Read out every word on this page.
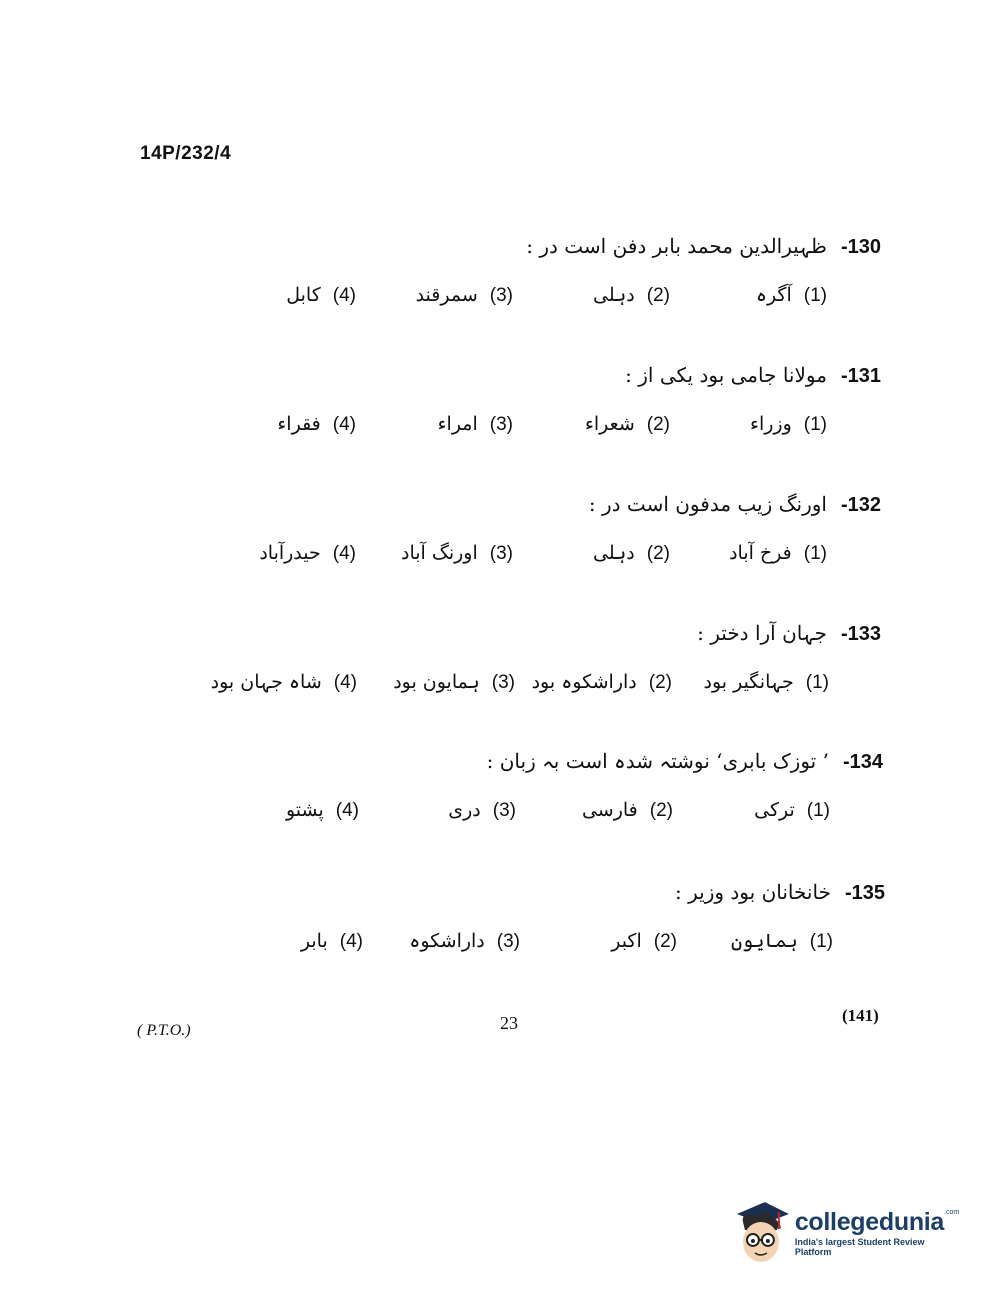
14P/232/4
-130
ظہیرالدین محمد بابر دفن است در :
(1)
آگرہ
(2)
دہلی
(3)
سمرقند
(4)
کابل
-131
مولانا جامی بود یکی از :
(1)
وزراء
(2)
شعراء
(3)
امراء
(4)
فقراء
-132
اورنگ زیب مدفون است در :
(1)
فرخ آباد
(2)
دہلی
(3)
اورنگ آباد
(4)
حیدرآباد
-133
جہان آرا دختر :
(1)
جہانگیر بود
(2)
داراشکوہ بود
(3)
ہمایون بود
(4)
شاہ جہان بود
-134
’ توزک بابری‘ نوشتہ شدہ است بہ زبان :
(1)
ترکی
(2)
فارسی
(3)
دری
(4)
پشتو
-135
خانخانان بود وزیر :
(1)
ہمایون
(2)
اکبر
(3)
داراشکوہ
(4)
بابر
( P.T.O.)	23	(141)
collegedunia$^{.com}$
India's largest Student Review Platform
